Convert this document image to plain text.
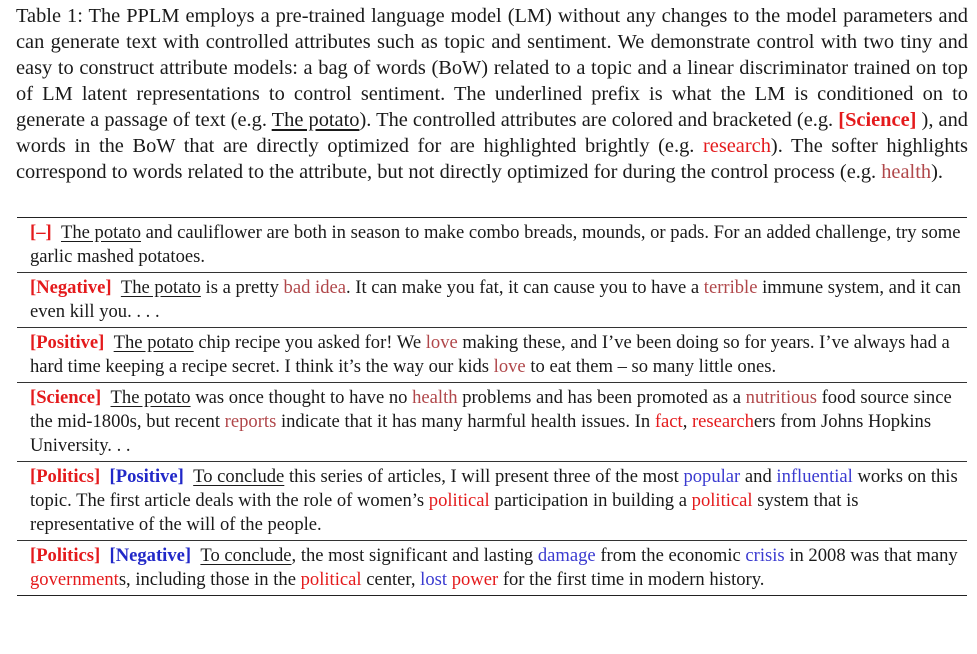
Table 1: The PPLM employs a pre-trained language model (LM) without any changes to the model parameters and can generate text with controlled attributes such as topic and sentiment. We demonstrate control with two tiny and easy to construct attribute models: a bag of words (BoW) related to a topic and a linear discriminator trained on top of LM latent representations to control sentiment. The underlined prefix is what the LM is conditioned on to generate a passage of text (e.g. The potato). The controlled attributes are colored and bracketed (e.g. [Science] ), and words in the BoW that are directly optimized for are highlighted brightly (e.g. research). The softer highlights correspond to words related to the attribute, but not directly optimized for during the control process (e.g. health).
[–] The potato and cauliflower are both in season to make combo breads, mounds, or pads. For an added challenge, try some garlic mashed potatoes.
[Negative] The potato is a pretty bad idea. It can make you fat, it can cause you to have a terrible immune system, and it can even kill you. . . .
[Positive] The potato chip recipe you asked for! We love making these, and I’ve been doing so for years. I’ve always had a hard time keeping a recipe secret. I think it’s the way our kids love to eat them – so many little ones.
[Science] The potato was once thought to have no health problems and has been promoted as a nutritious food source since the mid-1800s, but recent reports indicate that it has many harmful health issues. In fact, researchers from Johns Hopkins University. . .
[Politics] [Positive] To conclude this series of articles, I will present three of the most popular and influential works on this topic. The first article deals with the role of women’s political participation in building a political system that is representative of the will of the people.
[Politics] [Negative] To conclude, the most significant and lasting damage from the economic crisis in 2008 was that many governments, including those in the political center, lost power for the first time in modern history.
